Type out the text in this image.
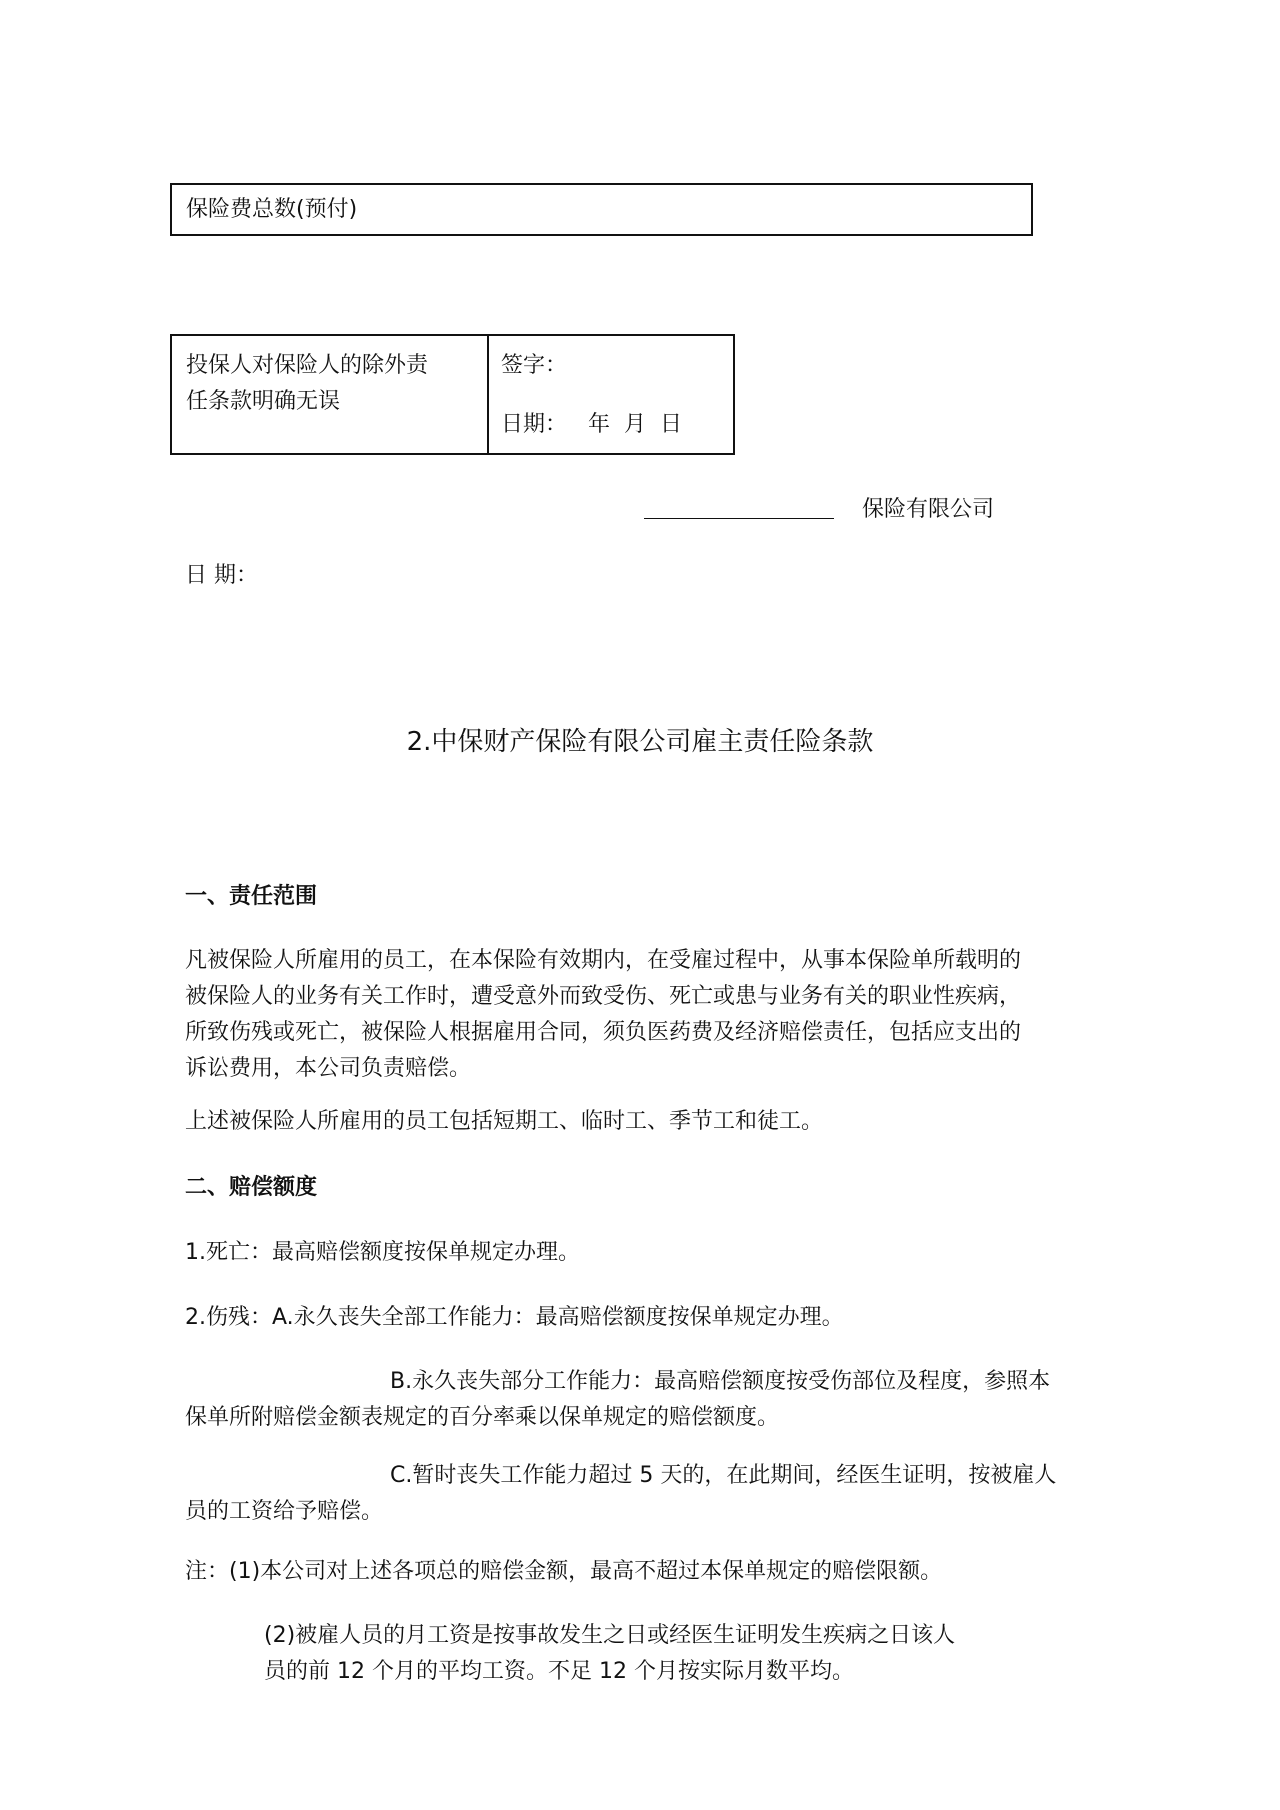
保险费总数(预付)
投保人对保险人的除外责
任条款明确无误
签字：
日期：   年  月  日
保险有限公司
日 期：
2.中保财产保险有限公司雇主责任险条款
一、责任范围
凡被保险人所雇用的员工，在本保险有效期内，在受雇过程中，从事本保险单所载明的
被保险人的业务有关工作时，遭受意外而致受伤、死亡或患与业务有关的职业性疾病，
所致伤残或死亡，被保险人根据雇用合同，须负医药费及经济赔偿责任，包括应支出的
诉讼费用，本公司负责赔偿。
上述被保险人所雇用的员工包括短期工、临时工、季节工和徒工。
二、赔偿额度
1.死亡：最高赔偿额度按保单规定办理。
2.伤残：A.永久丧失全部工作能力：最高赔偿额度按保单规定办理。
B.永久丧失部分工作能力：最高赔偿额度按受伤部位及程度，参照本
保单所附赔偿金额表规定的百分率乘以保单规定的赔偿额度。
C.暂时丧失工作能力超过 5 天的，在此期间，经医生证明，按被雇人
员的工资给予赔偿。
注：(1)本公司对上述各项总的赔偿金额，最高不超过本保单规定的赔偿限额。
(2)被雇人员的月工资是按事故发生之日或经医生证明发生疾病之日该人
员的前 12 个月的平均工资。不足 12 个月按实际月数平均。
